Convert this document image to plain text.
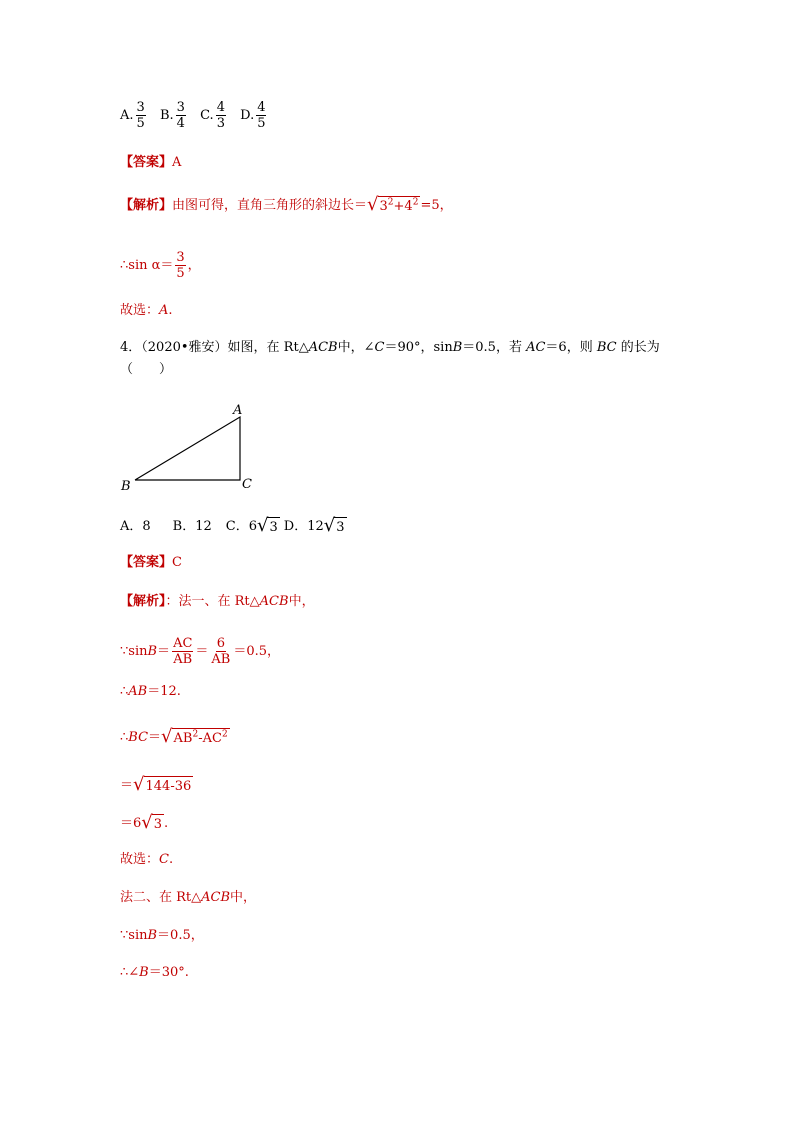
A. $\frac{3}{5} B$. $\frac{3}{4} C$. $\frac{4}{3} D$. $\frac{4}{5}$
【答案】A
【解析】由图可得，直角三角形的斜边长＝ √ $3^2+4^2 =5$，
∴sin $\alpha= \frac{3}{5}$ ，
故选：A.
4．（2020•雅安）如图，在 Rt△ACB中，∠C＝90°，sinB＝0.5，若 AC＝6，则 BC 的长为
（　　）
A
B	C
A．8 B．12 C．6 √ 3 D．12 √ 3
【答案】C
【解析】：法一、在 Rt△ACB中，
∵sinB＝ $\frac{AC}{AB} = \frac{6}{AB} =0.5$，
∴AB＝12.
∴BC＝ √ $AB^2-AC^2$
＝ √ 144-36
＝6 √ 3 .
故选：C.
法二、在 Rt△ACB中，
∵sinB＝0.5，
∴∠B＝30°.
